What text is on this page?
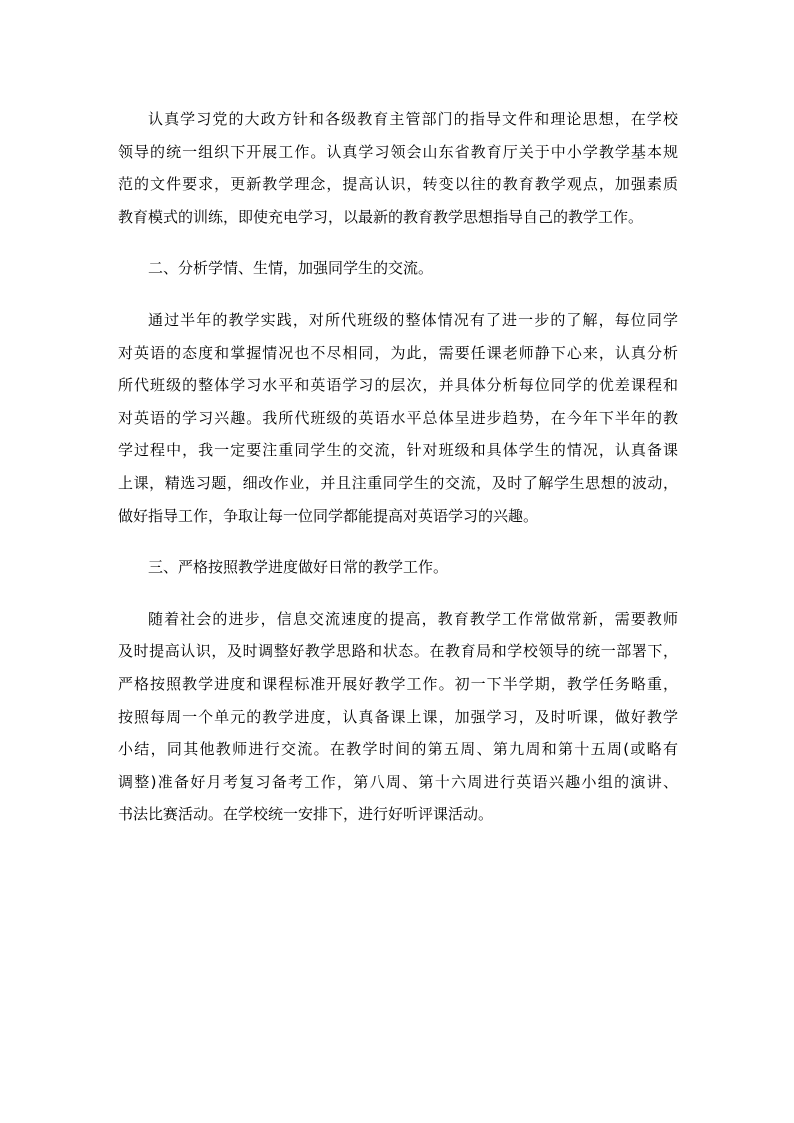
认真学习党的大政方针和各级教育主管部门的指导文件和理论思想，在学校
领导的统一组织下开展工作。认真学习领会山东省教育厅关于中小学教学基本规
范的文件要求，更新教学理念，提高认识，转变以往的教育教学观点，加强素质
教育模式的训练，即使充电学习，以最新的教育教学思想指导自己的教学工作。
二、分析学情、生情，加强同学生的交流。
通过半年的教学实践，对所代班级的整体情况有了进一步的了解，每位同学
对英语的态度和掌握情况也不尽相同，为此，需要任课老师静下心来，认真分析
所代班级的整体学习水平和英语学习的层次，并具体分析每位同学的优差课程和
对英语的学习兴趣。我所代班级的英语水平总体呈进步趋势，在今年下半年的教
学过程中，我一定要注重同学生的交流，针对班级和具体学生的情况，认真备课
上课，精选习题，细改作业，并且注重同学生的交流，及时了解学生思想的波动，
做好指导工作，争取让每一位同学都能提高对英语学习的兴趣。
三、严格按照教学进度做好日常的教学工作。
随着社会的进步，信息交流速度的提高，教育教学工作常做常新，需要教师
及时提高认识，及时调整好教学思路和状态。在教育局和学校领导的统一部署下，
严格按照教学进度和课程标准开展好教学工作。初一下半学期，教学任务略重，
按照每周一个单元的教学进度，认真备课上课，加强学习，及时听课，做好教学
小结，同其他教师进行交流。在教学时间的第五周、第九周和第十五周(或略有
调整)准备好月考复习备考工作，第八周、第十六周进行英语兴趣小组的演讲、
书法比赛活动。在学校统一安排下，进行好听评课活动。
